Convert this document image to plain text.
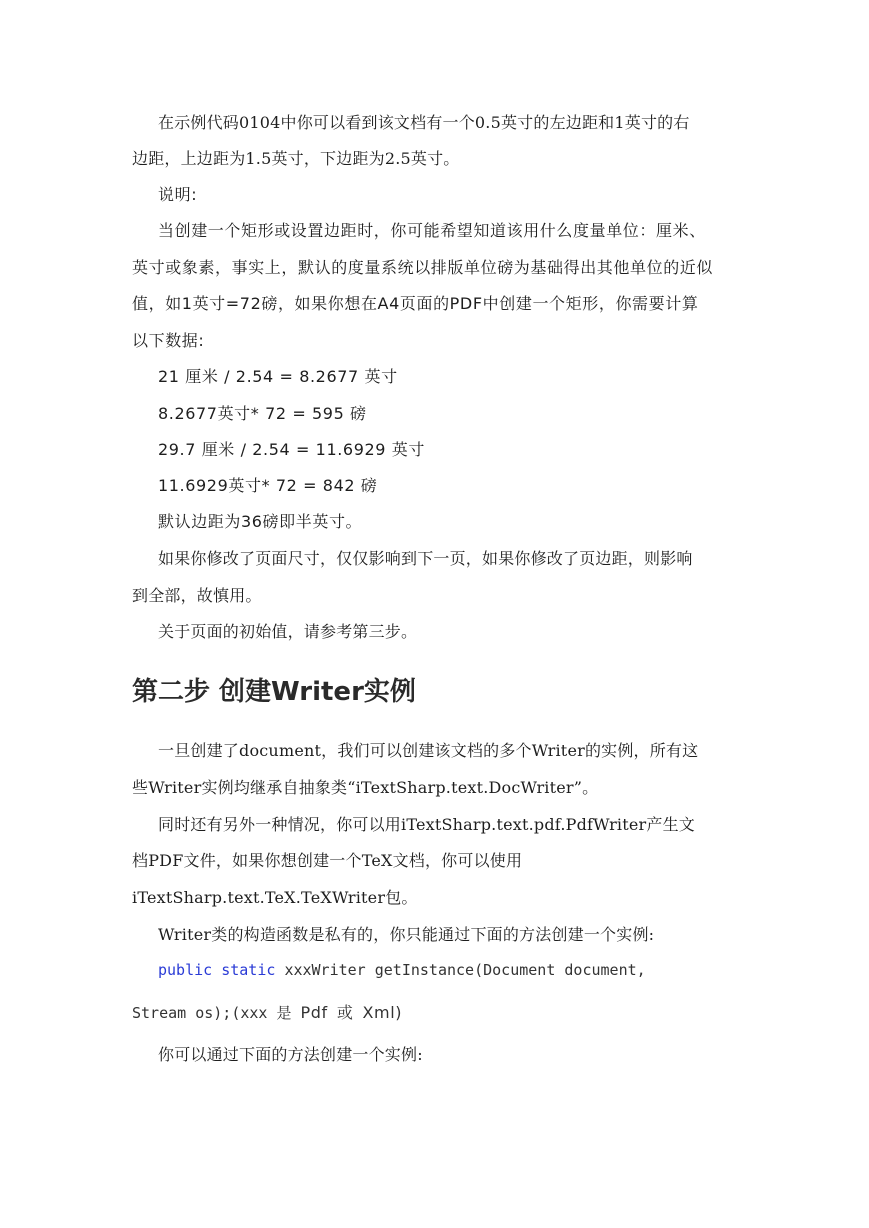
在示例代码0104中你可以看到该文档有一个0.5英寸的左边距和1英寸的右
边距，上边距为1.5英寸，下边距为2.5英寸。
说明:
当创建一个矩形或设置边距时，你可能希望知道该用什么度量单位：厘米、
英寸或象素，事实上，默认的度量系统以排版单位磅为基础得出其他单位的近似
值，如1英寸=72磅，如果你想在A4页面的PDF中创建一个矩形，你需要计算
以下数据:
21 厘米 / 2.54 = 8.2677 英寸
8.2677英寸* 72 = 595 磅
29.7 厘米 / 2.54 = 11.6929 英寸
11.6929英寸* 72 = 842 磅
默认边距为36磅即半英寸。
如果你修改了页面尺寸，仅仅影响到下一页，如果你修改了页边距，则影响
到全部，故慎用。
关于页面的初始值，请参考第三步。
第二步 创建Writer实例
一旦创建了document，我们可以创建该文档的多个Writer的实例，所有这
些Writer实例均继承自抽象类“iTextSharp.text.DocWriter”。
同时还有另外一种情况，你可以用iTextSharp.text.pdf.PdfWriter产生文
档PDF文件，如果你想创建一个TeX文档，你可以使用
iTextSharp.text.TeX.TeXWriter包。
Writer类的构造函数是私有的，你只能通过下面的方法创建一个实例:
public static xxxWriter getInstance(Document document,
Stream os);(xxx 是 Pdf 或 Xml)
你可以通过下面的方法创建一个实例:
